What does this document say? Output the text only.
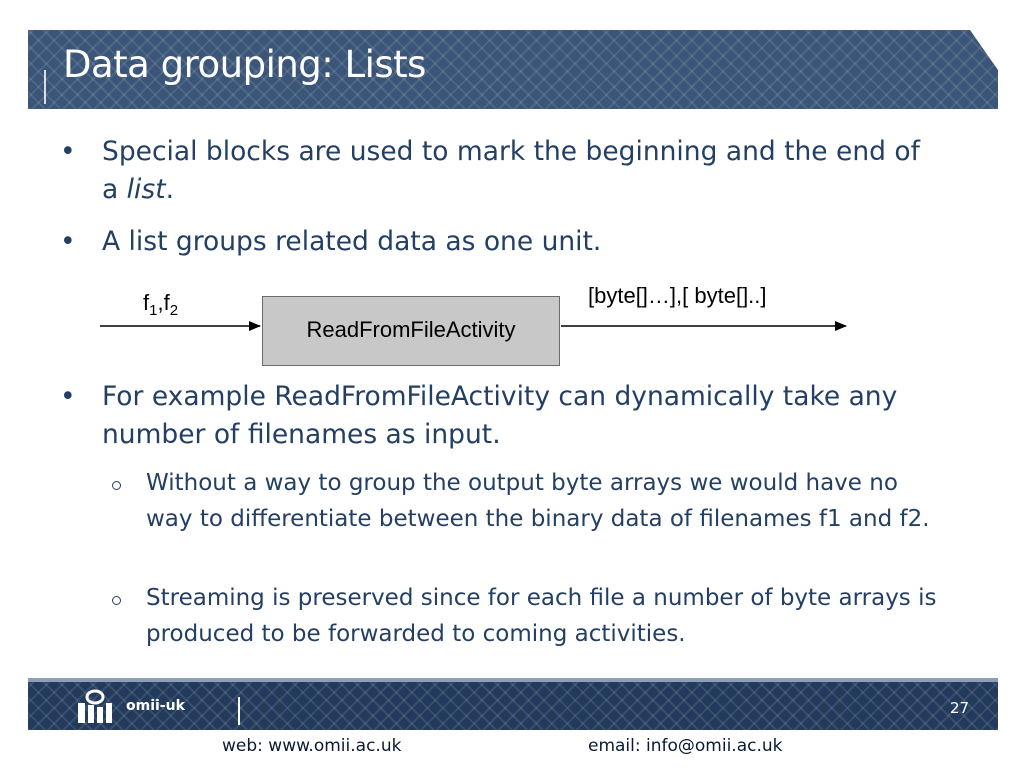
Data grouping: Lists
• Special blocks are used to mark the beginning and the end of a list.
• A list groups related data as one unit.
$f_1,f_2$
ReadFromFileActivity
[byte[]…],[ byte[]..]
• For example ReadFromFileActivity can dynamically take any number of filenames as input.
Without a way to group the output byte arrays we would have no way to differentiate between the binary data of filenames f1 and f2.
Streaming is preserved since for each file a number of byte arrays is produced to be forwarded to coming activities.
omii-uk	27
web: www.omii.ac.uk	email: info@omii.ac.uk
